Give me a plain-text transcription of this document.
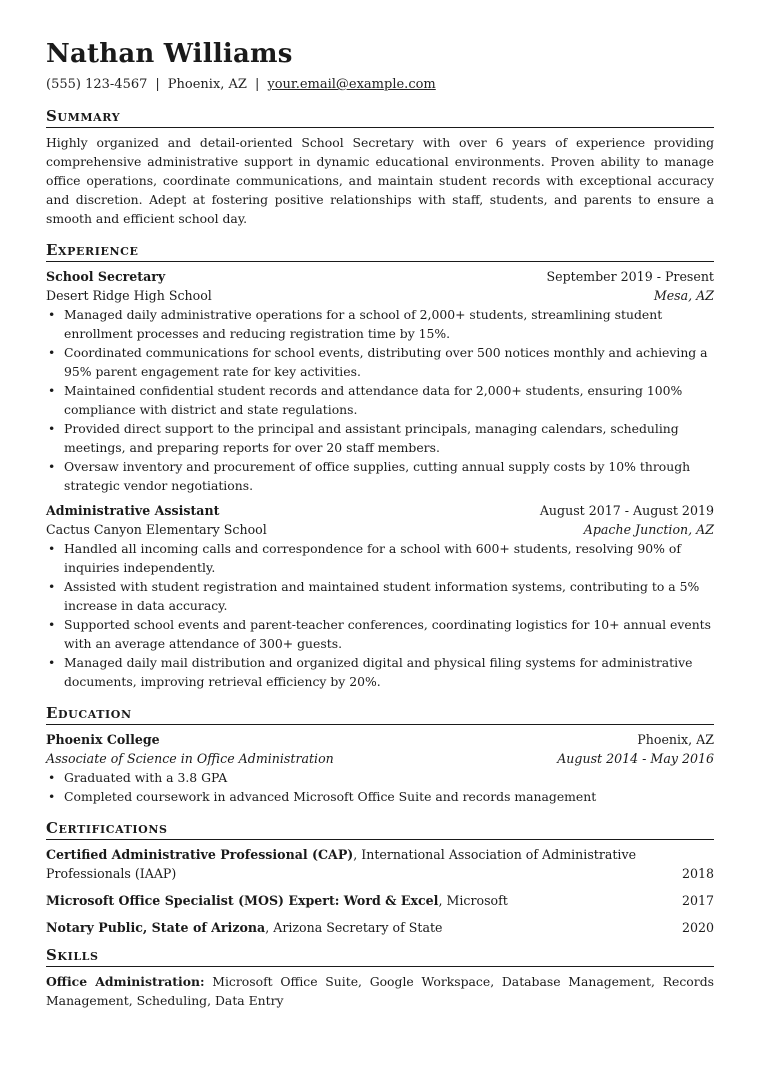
Nathan Williams
(555) 123-4567 | Phoenix, AZ | your.email@example.com
Summary

Highly organized and detail-oriented School Secretary with over 6 years of experience providing comprehensive administrative support in dynamic educational environments. Proven ability to manage office operations, coordinate communications, and maintain student records with exceptional accuracy and discretion. Adept at fostering positive relationships with staff, students, and parents to ensure a smooth and efficient school day.

Experience
School Secretary	September 2019 - Present
Desert Ridge High School	Mesa, AZ
• Managed daily administrative operations for a school of 2,000+ students, streamlining student enrollment processes and reducing registration time by 15%.
• Coordinated communications for school events, distributing over 500 notices monthly and achieving a 95% parent engagement rate for key activities.
• Maintained confidential student records and attendance data for 2,000+ students, ensuring 100% compliance with district and state regulations.
• Provided direct support to the principal and assistant principals, managing calendars, scheduling meetings, and preparing reports for over 20 staff members.
• Oversaw inventory and procurement of office supplies, cutting annual supply costs by 10% through strategic vendor negotiations.
Administrative Assistant	August 2017 - August 2019
Cactus Canyon Elementary School	Apache Junction, AZ
• Handled all incoming calls and correspondence for a school with 600+ students, resolving 90% of inquiries independently.
• Assisted with student registration and maintained student information systems, contributing to a 5% increase in data accuracy.
• Supported school events and parent-teacher conferences, coordinating logistics for 10+ annual events with an average attendance of 300+ guests.
• Managed daily mail distribution and organized digital and physical filing systems for administrative documents, improving retrieval efficiency by 20%.
Education
Phoenix College	Phoenix, AZ
Associate of Science in Office Administration	August 2014 - May 2016
• Graduated with a 3.8 GPA
• Completed coursework in advanced Microsoft Office Suite and records management
Certifications
Certified Administrative Professional (CAP), International Association of Administrative Professionals (IAAP)	2018
Microsoft Office Specialist (MOS) Expert: Word & Excel, Microsoft	2017
Notary Public, State of Arizona, Arizona Secretary of State	2020
Skills

Office Administration: Microsoft Office Suite, Google Workspace, Database Management, Records Management, Scheduling, Data Entry
